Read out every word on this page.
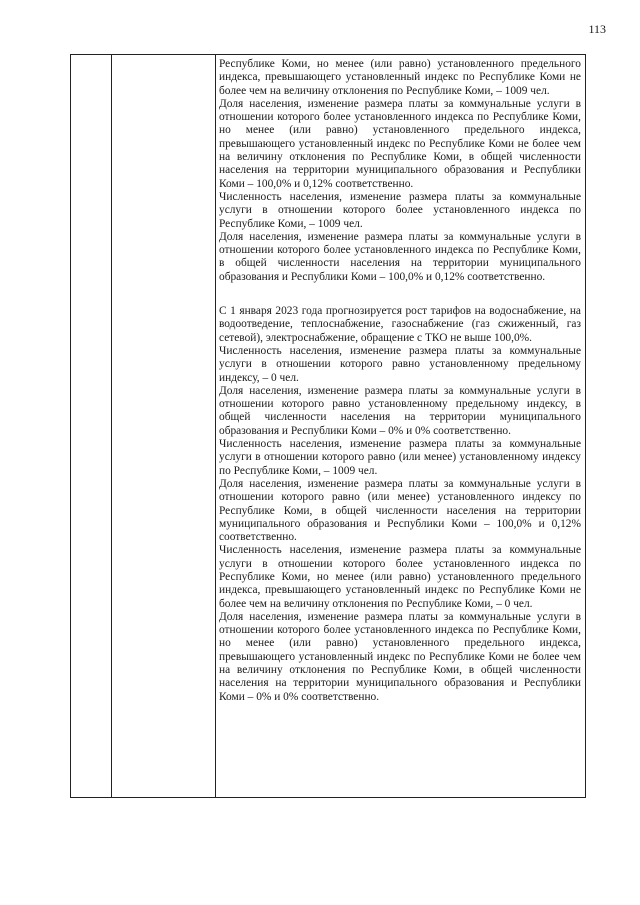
113

Республике Коми, но менее (или равно) установленного предельного индекса, превышающего установленный индекс по Республике Коми не более чем на величину отклонения по Республике Коми, – 1009 чел.

Доля населения, изменение размера платы за коммунальные услуги в отношении которого более установленного индекса по Республике Коми, но менее (или равно) установленного предельного индекса, превышающего установленный индекс по Республике Коми не более чем на величину отклонения по Республике Коми, в общей численности населения на территории муниципального образования и Республики Коми – 100,0% и 0,12% соответственно.

Численность населения, изменение размера платы за коммунальные услуги в отношении которого более установленного индекса по Республике Коми, – 1009 чел.

Доля населения, изменение размера платы за коммунальные услуги в отношении которого более установленного индекса по Республике Коми, в общей численности населения на территории муниципального образования и Республики Коми – 100,0% и 0,12% соответственно.

С 1 января 2023 года прогнозируется рост тарифов на водоснабжение, на водоотведение, теплоснабжение, газоснабжение (газ сжиженный, газ сетевой), электроснабжение, обращение с ТКО не выше 100,0%.

Численность населения, изменение размера платы за коммунальные услуги в отношении которого равно установленному предельному индексу, – 0 чел.

Доля населения, изменение размера платы за коммунальные услуги в отношении которого равно установленному предельному индексу, в общей численности населения на территории муниципального образования и Республики Коми – 0% и 0% соответственно.

Численность населения, изменение размера платы за коммунальные услуги в отношении которого равно (или менее) установленному индексу по Республике Коми, – 1009 чел.

Доля населения, изменение размера платы за коммунальные услуги в отношении которого равно (или менее) установленного индексу по Республике Коми, в общей численности населения на территории муниципального образования и Республики Коми – 100,0% и 0,12% соответственно.

Численность населения, изменение размера платы за коммунальные услуги в отношении которого более установленного индекса по Республике Коми, но менее (или равно) установленного предельного индекса, превышающего установленный индекс по Республике Коми не более чем на величину отклонения по Республике Коми, – 0 чел.

Доля населения, изменение размера платы за коммунальные услуги в отношении которого более установленного индекса по Республике Коми, но менее (или равно) установленного предельного индекса, превышающего установленный индекс по Республике Коми не более чем на величину отклонения по Республике Коми, в общей численности населения на территории муниципального образования и Республики Коми – 0% и 0% соответственно.
